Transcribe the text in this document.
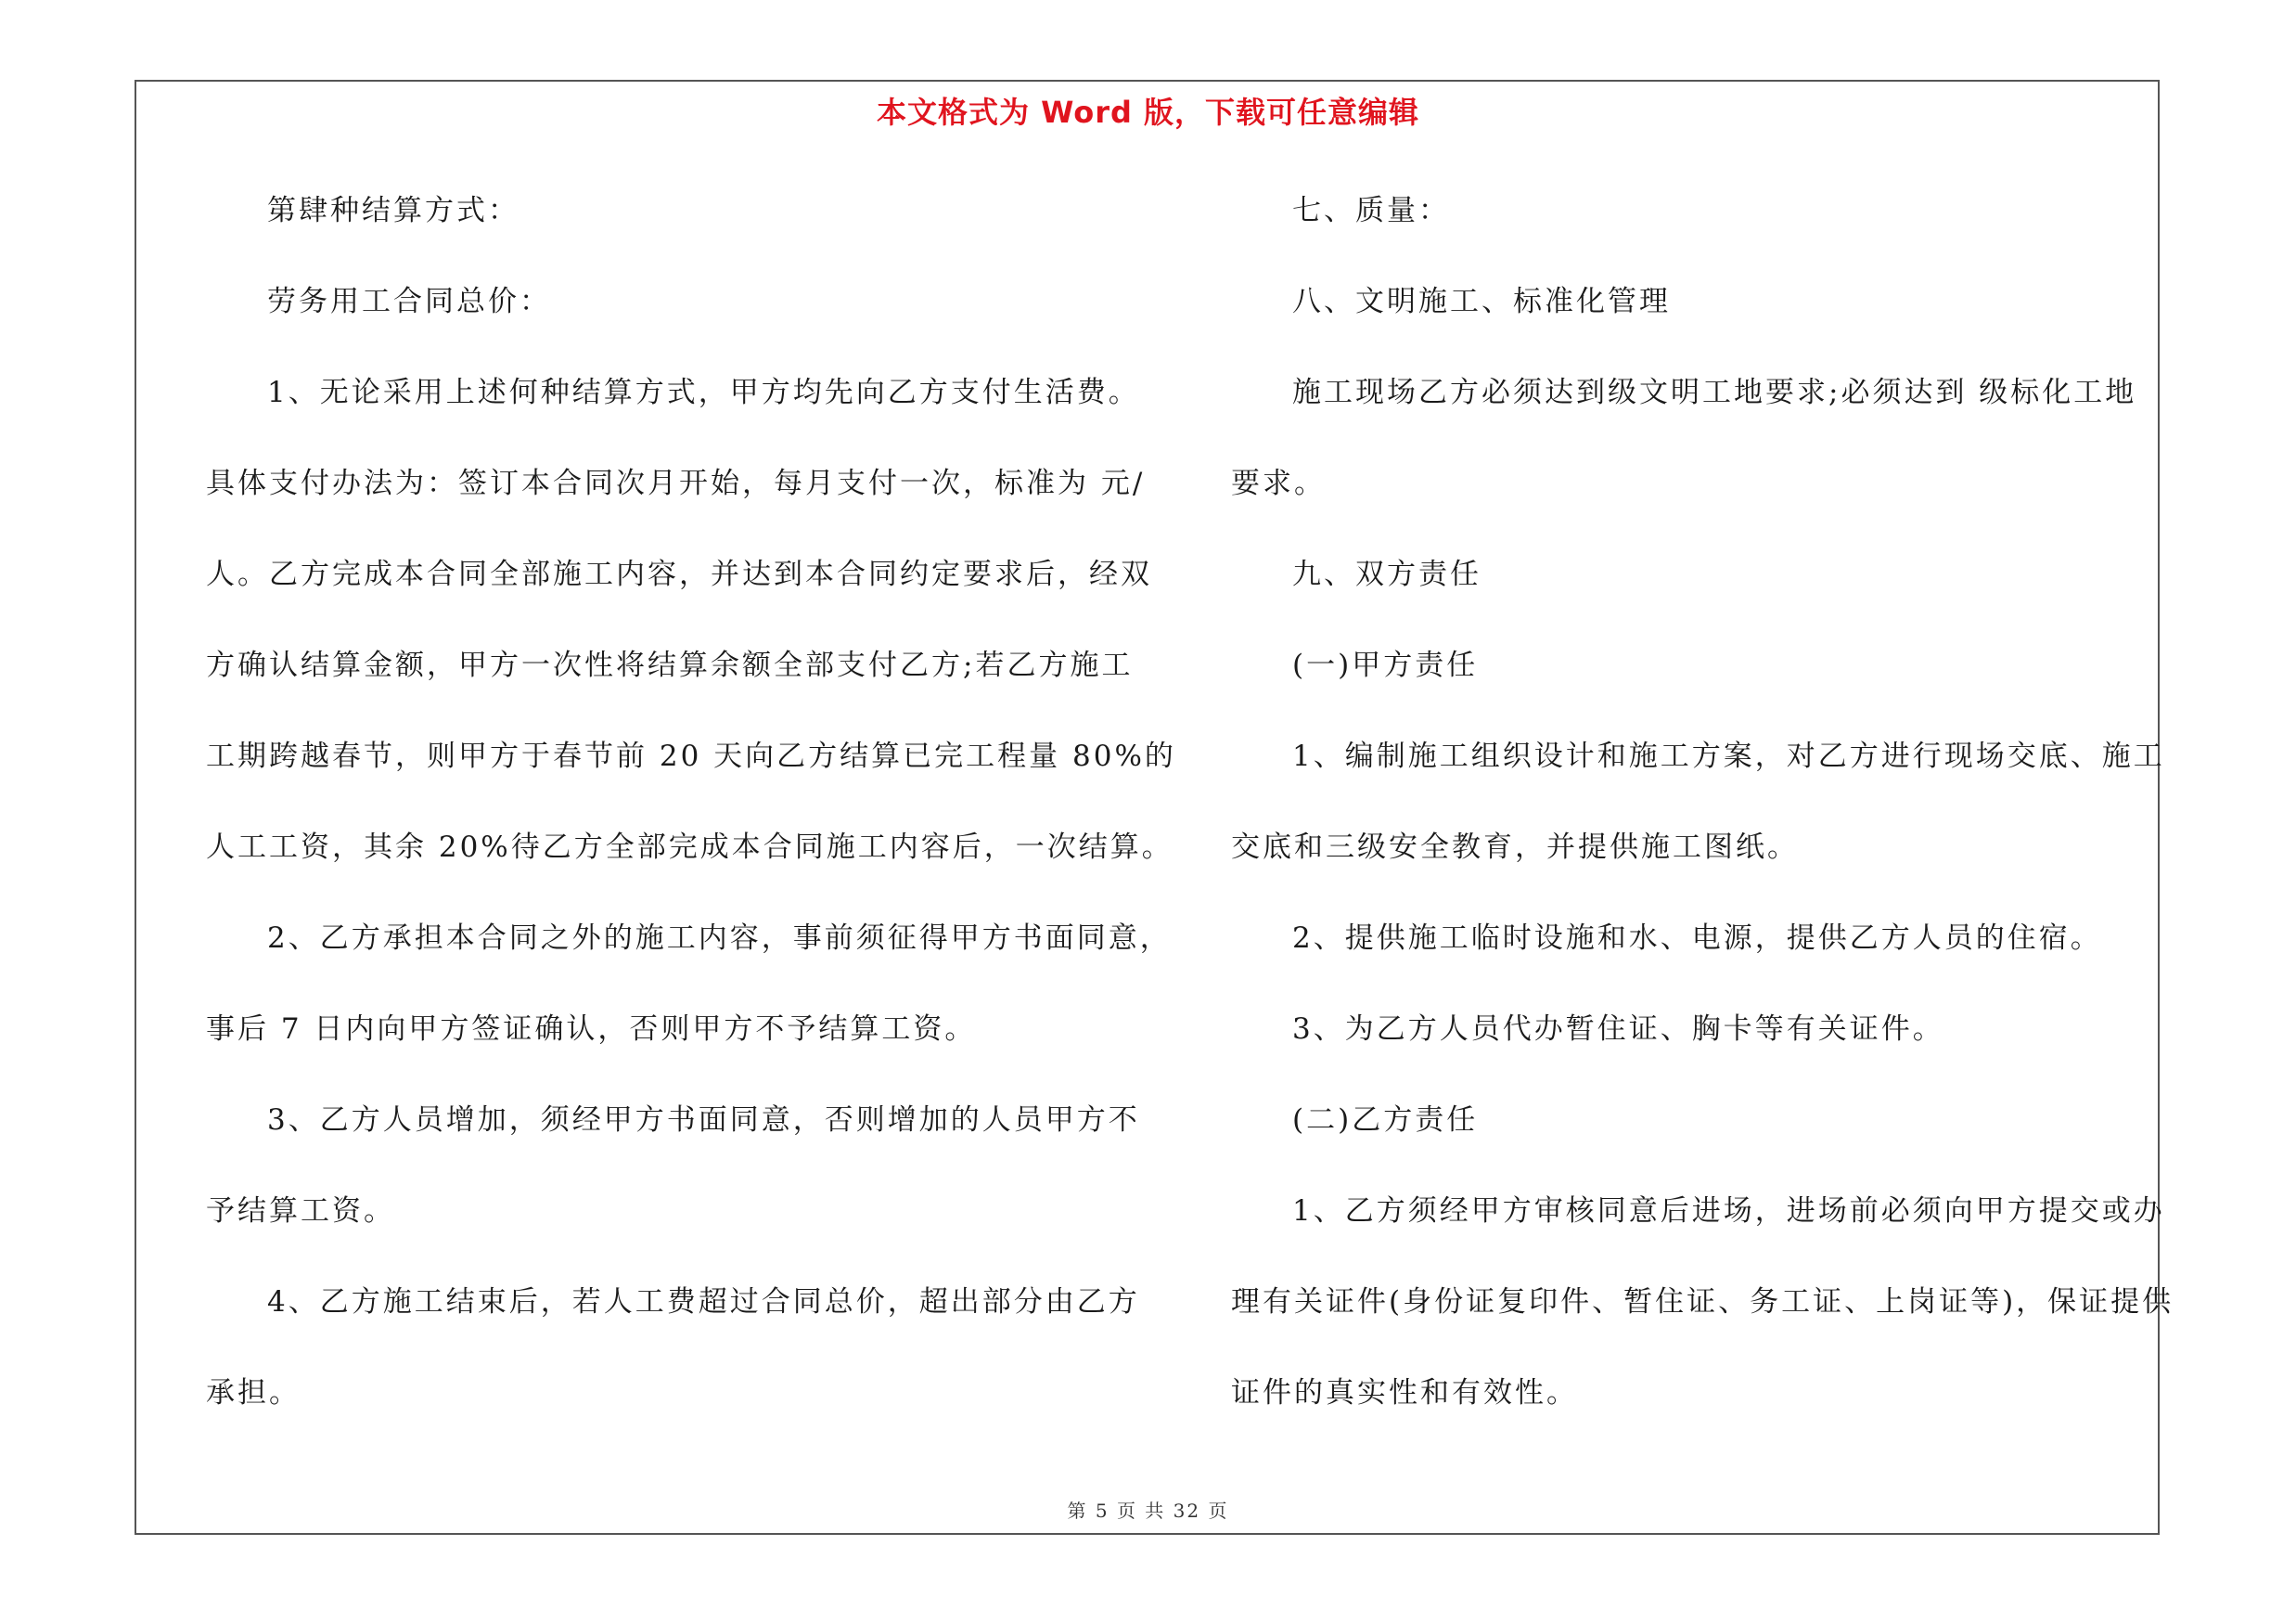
本文格式为 Word 版，下载可任意编辑
第肆种结算方式：
劳务用工合同总价：
1、无论采用上述何种结算方式，甲方均先向乙方支付生活费。
具体支付办法为：签订本合同次月开始，每月支付一次，标准为 元/
人。乙方完成本合同全部施工内容，并达到本合同约定要求后，经双
方确认结算金额，甲方一次性将结算余额全部支付乙方;若乙方施工
工期跨越春节，则甲方于春节前 20 天向乙方结算已完工程量 80%的
人工工资，其余 20%待乙方全部完成本合同施工内容后，一次结算。
2、乙方承担本合同之外的施工内容，事前须征得甲方书面同意，
事后 7 日内向甲方签证确认，否则甲方不予结算工资。
3、乙方人员增加，须经甲方书面同意，否则增加的人员甲方不
予结算工资。
4、乙方施工结束后，若人工费超过合同总价，超出部分由乙方
承担。
七、质量：
八、文明施工、标准化管理
施工现场乙方必须达到级文明工地要求;必须达到 级标化工地
要求。
九、双方责任
(一)甲方责任
1、编制施工组织设计和施工方案，对乙方进行现场交底、施工
交底和三级安全教育，并提供施工图纸。
2、提供施工临时设施和水、电源，提供乙方人员的住宿。
3、为乙方人员代办暂住证、胸卡等有关证件。
(二)乙方责任
1、乙方须经甲方审核同意后进场，进场前必须向甲方提交或办
理有关证件(身份证复印件、暂住证、务工证、上岗证等)，保证提供
证件的真实性和有效性。
第 5 页 共 32 页
